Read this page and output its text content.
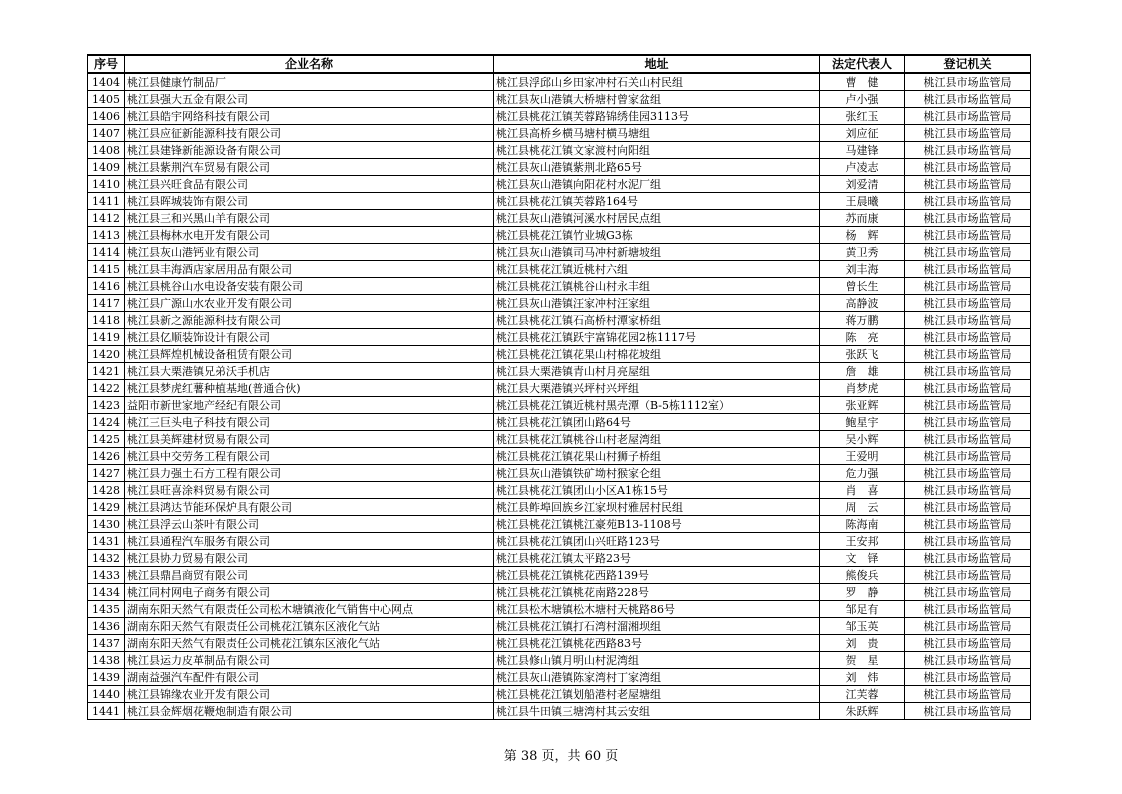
序号	企业名称	地址	法定代表人	登记机关
1404	桃江县健康竹制品厂	桃江县浮邱山乡田家冲村石关山村民组	曹　健	桃江县市场监管局
1405	桃江县强大五金有限公司	桃江县灰山港镇大桥塘村曾家盆组	卢小强	桃江县市场监管局
1406	桃江县皓宇网络科技有限公司	桃江县桃花江镇芙蓉路锦绣佳园3113号	张红玉	桃江县市场监管局
1407	桃江县应征新能源科技有限公司	桃江县高桥乡横马塘村横马塘组	刘应征	桃江县市场监管局
1408	桃江县建锋新能源设备有限公司	桃江县桃花江镇文家渡村向阳组	马建锋	桃江县市场监管局
1409	桃江县紫荆汽车贸易有限公司	桃江县灰山港镇紫荆北路65号	卢凌志	桃江县市场监管局
1410	桃江县兴旺食品有限公司	桃江县灰山港镇向阳花村水泥厂组	刘爱清	桃江县市场监管局
1411	桃江县晖城装饰有限公司	桃江县桃花江镇芙蓉路164号	王晨曦	桃江县市场监管局
1412	桃江县三和兴黑山羊有限公司	桃江县灰山港镇河溪水村居民点组	苏而康	桃江县市场监管局
1413	桃江县梅林水电开发有限公司	桃江县桃花江镇竹业城G3栋	杨　辉	桃江县市场监管局
1414	桃江县灰山港钙业有限公司	桃江县灰山港镇司马冲村新塘坡组	黄卫秀	桃江县市场监管局
1415	桃江县丰海酒店家居用品有限公司	桃江县桃花江镇近桃村六组	刘丰海	桃江县市场监管局
1416	桃江县桃谷山水电设备安装有限公司	桃江县桃花江镇桃谷山村永丰组	曾长生	桃江县市场监管局
1417	桃江县广源山水农业开发有限公司	桃江县灰山港镇汪家冲村汪家组	高静波	桃江县市场监管局
1418	桃江县新之源能源科技有限公司	桃江县桃花江镇石高桥村潭家桥组	蒋万鹏	桃江县市场监管局
1419	桃江县亿顺装饰设计有限公司	桃江县桃花江镇跃宇富锦花园2栋1117号	陈　亮	桃江县市场监管局
1420	桃江县辉煌机械设备租赁有限公司	桃江县桃花江镇花果山村棉花坡组	张跃飞	桃江县市场监管局
1421	桃江县大栗港镇兄弟沃手机店	桃江县大栗港镇青山村月亮屋组	詹　雄	桃江县市场监管局
1422	桃江县梦虎红薯种植基地(普通合伙)	桃江县大栗港镇兴坪村兴坪组	肖梦虎	桃江县市场监管局
1423	益阳市新世家地产经纪有限公司	桃江县桃花江镇近桃村黑壳潭（B-5栋1112室）	张亚辉	桃江县市场监管局
1424	桃江三巨头电子科技有限公司	桃江县桃花江镇团山路64号	鲍星宇	桃江县市场监管局
1425	桃江县美辉建材贸易有限公司	桃江县桃花江镇桃谷山村老屋湾组	吴小辉	桃江县市场监管局
1426	桃江县中交劳务工程有限公司	桃江县桃花江镇花果山村狮子桥组	王爱明	桃江县市场监管局
1427	桃江县力强土石方工程有限公司	桃江县灰山港镇铁矿坳村猴家仑组	危力强	桃江县市场监管局
1428	桃江县旺喜涂料贸易有限公司	桃江县桃花江镇团山小区A1栋15号	肖　喜	桃江县市场监管局
1429	桃江县鸿达节能环保炉具有限公司	桃江县鲊埠回族乡江家坝村雅居村民组	周　云	桃江县市场监管局
1430	桃江县浮云山茶叶有限公司	桃江县桃花江镇桃江豪苑B13-1108号	陈海南	桃江县市场监管局
1431	桃江县通程汽车服务有限公司	桃江县桃花江镇团山兴旺路123号	王安邦	桃江县市场监管局
1432	桃江县协力贸易有限公司	桃江县桃花江镇太平路23号	文　铎	桃江县市场监管局
1433	桃江县鼎昌商贸有限公司	桃江县桃花江镇桃花西路139号	熊俊兵	桃江县市场监管局
1434	桃江同村网电子商务有限公司	桃江县桃花江镇桃花南路228号	罗　静	桃江县市场监管局
1435	湖南东阳天然气有限责任公司松木塘镇液化气销售中心网点	桃江县松木塘镇松木塘村天桃路86号	邹足有	桃江县市场监管局
1436	湖南东阳天然气有限责任公司桃花江镇东区液化气站	桃江县桃花江镇打石湾村溜湘坝组	邹玉英	桃江县市场监管局
1437	湖南东阳天然气有限责任公司桃花江镇东区液化气站	桃江县桃花江镇桃花西路83号	刘　贵	桃江县市场监管局
1438	桃江县运力皮革制品有限公司	桃江县修山镇月明山村泥湾组	贺　星	桃江县市场监管局
1439	湖南益强汽车配件有限公司	桃江县灰山港镇陈家湾村丁家湾组	刘　炜	桃江县市场监管局
1440	桃江县锦缘农业开发有限公司	桃江县桃花江镇划船港村老屋塘组	江芙蓉	桃江县市场监管局
1441	桃江县金辉烟花鞭炮制造有限公司	桃江县牛田镇三塘湾村其云安组	朱跃辉	桃江县市场监管局
第 38 页，共 60 页
